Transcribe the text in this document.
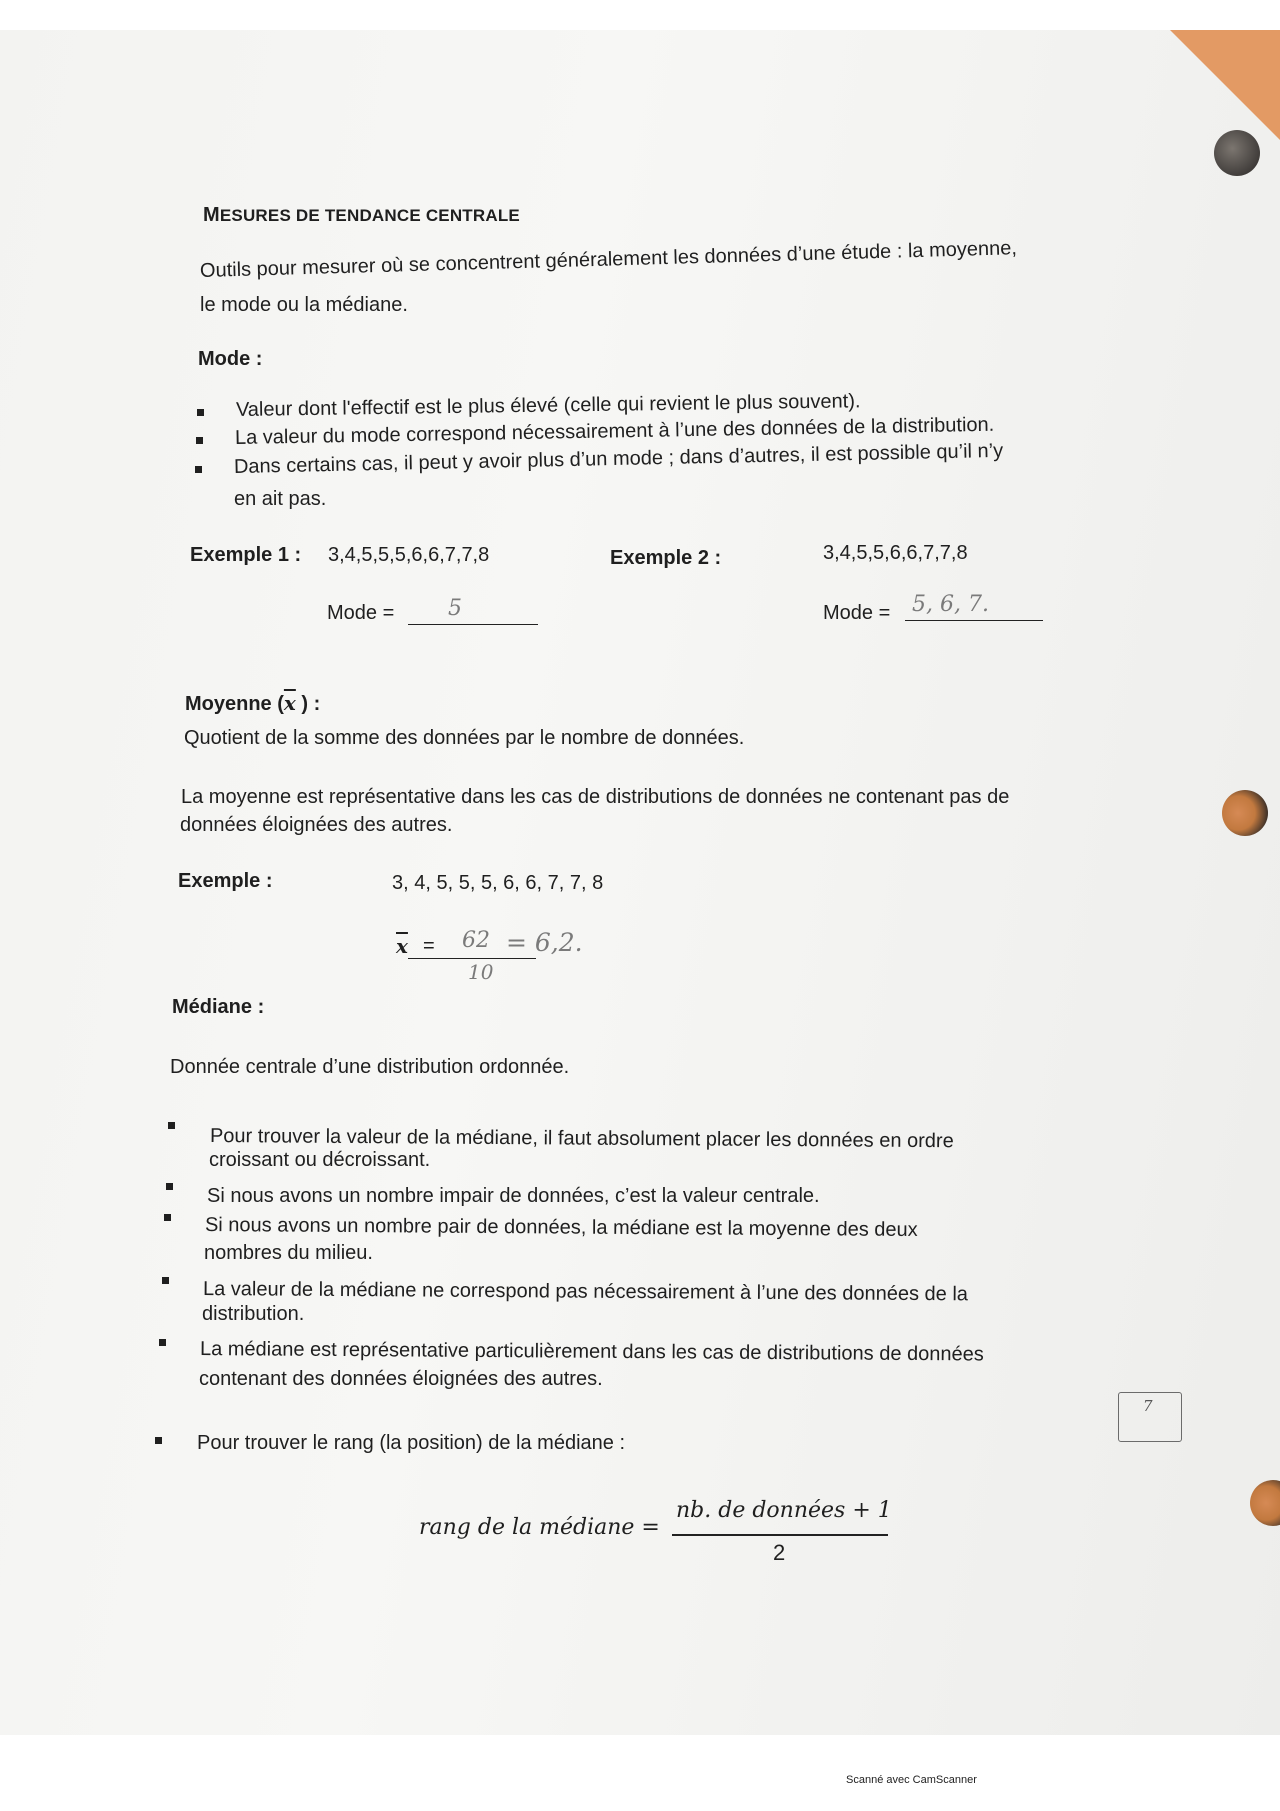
MESURES DE TENDANCE CENTRALE
Outils pour mesurer où se concentrent généralement les données d’une étude : la moyenne,
le mode ou la médiane.
Mode :
Valeur dont l'effectif est le plus élevé (celle qui revient le plus souvent).
La valeur du mode correspond nécessairement à l’une des données de la distribution.
Dans certains cas, il peut y avoir plus d’un mode ; dans d’autres, il est possible qu’il n’y
en ait pas.
Exemple 1 : 3,4,5,5,5,6,6,7,7,8	Exemple 2 :	3,4,5,5,6,6,7,7,8
Mode = 5	Mode = 5, 6, 7.
Moyenne ($\overline{x}$ ) :
Quotient de la somme des données par le nombre de données.
La moyenne est représentative dans les cas de distributions de données ne contenant pas de
données éloignées des autres.
Exemple :	3, 4, 5, 5, 5, 6, 6, 7, 7, 8
$\overline{x} = 62$
10
= 6,2.
Médiane :
Donnée centrale d’une distribution ordonnée.
Pour trouver la valeur de la médiane, il faut absolument placer les données en ordre
croissant ou décroissant.
Si nous avons un nombre impair de données, c’est la valeur centrale.
Si nous avons un nombre pair de données, la médiane est la moyenne des deux
nombres du milieu.
La valeur de la médiane ne correspond pas nécessairement à l’une des données de la
distribution.
La médiane est représentative particulièrement dans les cas de distributions de données
contenant des données éloignées des autres.
Pour trouver le rang (la position) de la médiane :
rang de la médiane =
nb. de données + 1
2
7
Scanné avec CamScanner
